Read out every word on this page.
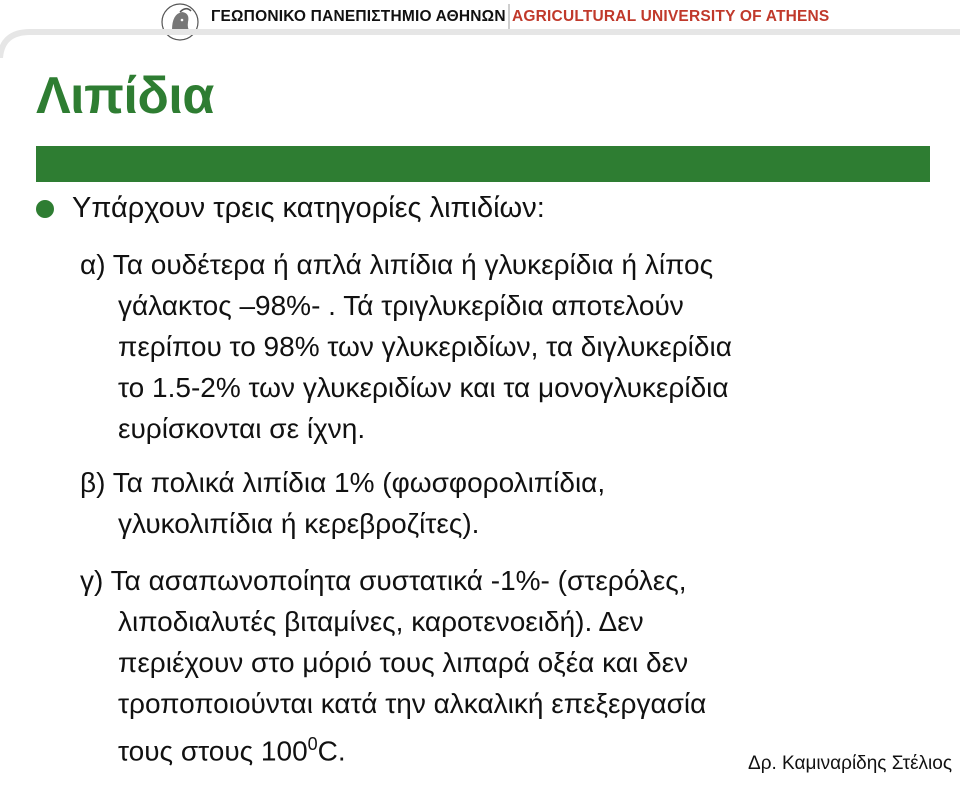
ΓΕΩΠΟΝΙΚΟ ΠΑΝΕΠΙΣΤΗΜΙΟ ΑΘΗΝΩΝ AGRICULTURAL UNIVERSITY OF ATHENS
Λιπίδια
Υπάρχουν τρεις κατηγορίες λιπιδίων:
α) Τα ουδέτερα ή απλά λιπίδια ή γλυκερίδια ή λίπος
γάλακτος –98%- . Τά τριγλυκερίδια αποτελούν
περίπου το 98% των γλυκεριδίων, τα διγλυκερίδια
το 1.5-2% των γλυκεριδίων και τα μονογλυκερίδια
ευρίσκονται σε ίχνη.
β) Τα πολικά λιπίδια 1% (φωσφορολιπίδια,
γλυκολιπίδια ή κερεβροζίτες).
γ) Τα ασαπωνοποίητα συστατικά -1%- (στερόλες,
λιποδιαλυτές βιταμίνες, καροτενοειδή). Δεν
περιέχουν στο μόριό τους λιπαρά οξέα και δεν
τροποποιούνται κατά την αλκαλική επεξεργασία
τους στους $100^0C$.	Δρ. Καμιναρίδης Στέλιος
